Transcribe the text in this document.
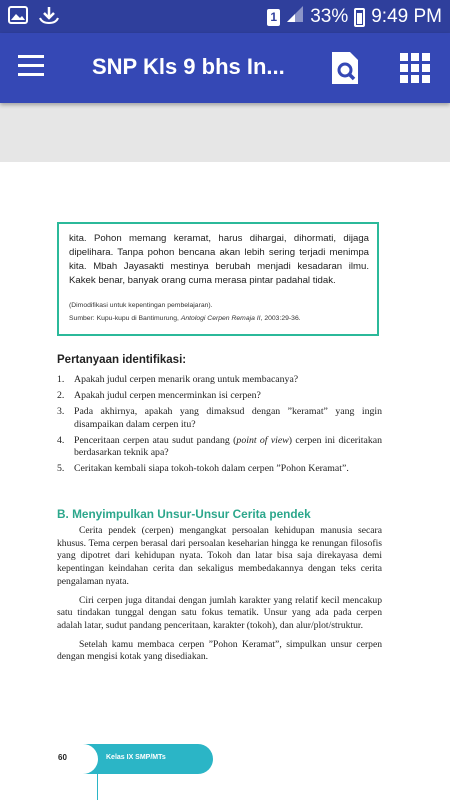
1 33% 9:49 PM
SNP Kls 9 bhs In...

kita. Pohon memang keramat, harus dihargai, dihormati, dijaga dipelihara. Tanpa pohon bencana akan lebih sering terjadi menimpa kita. Mbah Jayasakti mestinya berubah menjadi kesadaran ilmu. Kakek benar, banyak orang cuma merasa pintar padahal tidak.

(Dimodifikasi untuk kepentingan pembelajaran).

Sumber: Kupu-kupu di Bantimurung, Antologi Cerpen Remaja II, 2003:29-36.

Pertanyaan identifikasi:
1. Apakah judul cerpen menarik orang untuk membacanya?
2. Apakah judul cerpen mencerminkan isi cerpen?
3. Pada akhirnya, apakah yang dimaksud dengan ”keramat” yang ingin disampaikan dalam cerpen itu?
4. Penceritaan cerpen atau sudut pandang (point of view) cerpen ini diceritakan berdasarkan teknik apa?
5. Ceritakan kembali siapa tokoh-tokoh dalam cerpen ”Pohon Keramat”.
B. Menyimpulkan Unsur-Unsur Cerita pendek

Cerita pendek (cerpen) mengangkat persoalan kehidupan manusia secara khusus. Tema cerpen berasal dari persoalan keseharian hingga ke renungan filosofis yang dipotret dari kehidupan nyata. Tokoh dan latar bisa saja direkayasa demi kepentingan keindahan cerita dan sekaligus membedakannya dengan teks cerita pengalaman nyata.

Ciri cerpen juga ditandai dengan jumlah karakter yang relatif kecil mencakup satu tindakan tunggal dengan satu fokus tematik. Unsur yang ada pada cerpen adalah latar, sudut pandang penceritaan, karakter (tokoh), dan alur/plot/struktur.

Setelah kamu membaca cerpen ”Pohon Keramat”, simpulkan unsur cerpen dengan mengisi kotak yang disediakan.

60	Kelas IX SMP/MTs
